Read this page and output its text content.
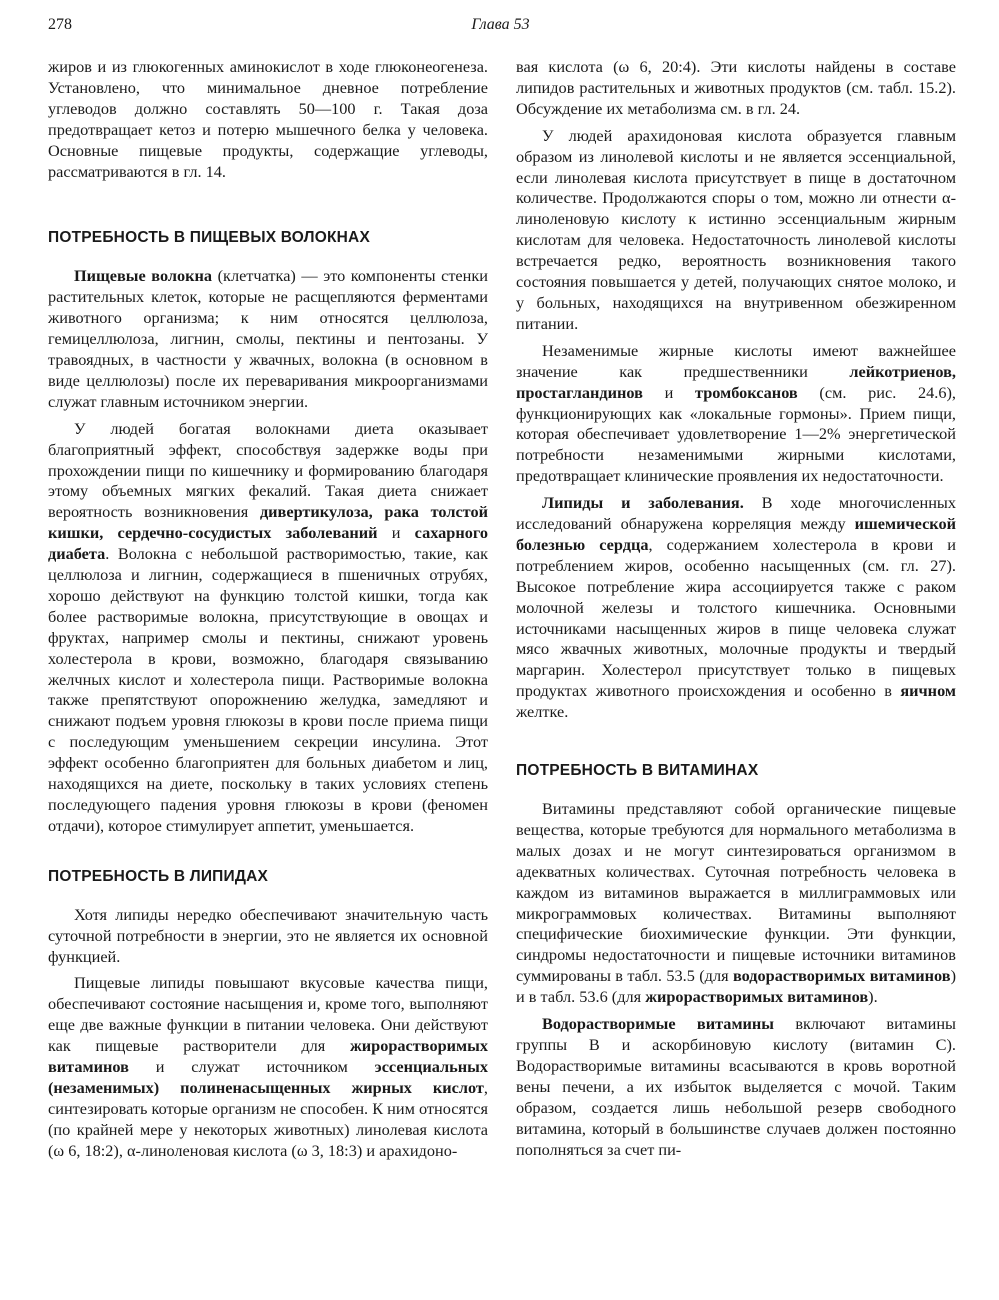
278	Глава 53

жиров и из глюкогенных аминокислот в ходе глюконеогенеза. Установлено, что минимальное дневное потребление углеводов должно составлять 50—100 г. Такая доза предотвращает кетоз и потерю мышечного белка у человека. Основные пищевые продукты, содержащие углеводы, рассматриваются в гл. 14.

ПОТРЕБНОСТЬ В ПИЩЕВЫХ ВОЛОКНАХ

Пищевые волокна (клетчатка) — это компоненты стенки растительных клеток, которые не расщепляются ферментами животного организма; к ним относятся целлюлоза, гемицеллюлоза, лигнин, смолы, пектины и пентозаны. У травоядных, в частности у жвачных, волокна (в основном в виде целлюлозы) после их переваривания микроорганизмами служат главным источником энергии.

У людей богатая волокнами диета оказывает благоприятный эффект, способствуя задержке воды при прохождении пищи по кишечнику и формированию благодаря этому объемных мягких фекалий. Такая диета снижает вероятность возникновения дивертикулоза, рака толстой кишки, сердечно-сосудистых заболеваний и сахарного диабета. Волокна с небольшой растворимостью, такие, как целлюлоза и лигнин, содержащиеся в пшеничных отрубях, хорошо действуют на функцию толстой кишки, тогда как более растворимые волокна, присутствующие в овощах и фруктах, например смолы и пектины, снижают уровень холестерола в крови, возможно, благодаря связыванию желчных кислот и холестерола пищи. Растворимые волокна также препятствуют опорожнению желудка, замедляют и снижают подъем уровня глюкозы в крови после приема пищи с последующим уменьшением секреции инсулина. Этот эффект особенно благоприятен для больных диабетом и лиц, находящихся на диете, поскольку в таких условиях степень последующего падения уровня глюкозы в крови (феномен отдачи), которое стимулирует аппетит, уменьшается.

ПОТРЕБНОСТЬ В ЛИПИДАХ

Хотя липиды нередко обеспечивают значительную часть суточной потребности в энергии, это не является их основной функцией.

Пищевые липиды повышают вкусовые качества пищи, обеспечивают состояние насыщения и, кроме того, выполняют еще две важные функции в питании человека. Они действуют как пищевые растворители для жирорастворимых витаминов и служат источником эссенциальных (незаменимых) полиненасыщенных жирных кислот, синтезировать которые организм не способен. К ним относятся (по крайней мере у некоторых животных) линолевая кислота (ω 6, 18:2), α-линоленовая кислота (ω 3, 18:3) и арахидоно-

вая кислота (ω 6, 20:4). Эти кислоты найдены в составе липидов растительных и животных продуктов (см. табл. 15.2). Обсуждение их метаболизма см. в гл. 24.

У людей арахидоновая кислота образуется главным образом из линолевой кислоты и не является эссенциальной, если линолевая кислота присутствует в пище в достаточном количестве. Продолжаются споры о том, можно ли отнести α-линоленовую кислоту к истинно эссенциальным жирным кислотам для человека. Недостаточность линолевой кислоты встречается редко, вероятность возникновения такого состояния повышается у детей, получающих снятое молоко, и у больных, находящихся на внутривенном обезжиренном питании.

Незаменимые жирные кислоты имеют важнейшее значение как предшественники лейкотриенов, простагландинов и тромбоксанов (см. рис. 24.6), функционирующих как «локальные гормоны». Прием пищи, которая обеспечивает удовлетворение 1—2% энергетической потребности незаменимыми жирными кислотами, предотвращает клинические проявления их недостаточности.

Липиды и заболевания. В ходе многочисленных исследований обнаружена корреляция между ишемической болезнью сердца, содержанием холестерола в крови и потреблением жиров, особенно насыщенных (см. гл. 27). Высокое потребление жира ассоциируется также с раком молочной железы и толстого кишечника. Основными источниками насыщенных жиров в пище человека служат мясо жвачных животных, молочные продукты и твердый маргарин. Холестерол присутствует только в пищевых продуктах животного происхождения и особенно в яичном желтке.

ПОТРЕБНОСТЬ В ВИТАМИНАХ

Витамины представляют собой органические пищевые вещества, которые требуются для нормального метаболизма в малых дозах и не могут синтезироваться организмом в адекватных количествах. Суточная потребность человека в каждом из витаминов выражается в миллиграммовых или микрограммовых количествах. Витамины выполняют специфические биохимические функции. Эти функции, синдромы недостаточности и пищевые источники витаминов суммированы в табл. 53.5 (для водорастворимых витаминов) и в табл. 53.6 (для жирорастворимых витаминов).

Водорастворимые витамины включают витамины группы В и аскорбиновую кислоту (витамин С). Водорастворимые витамины всасываются в кровь воротной вены печени, а их избыток выделяется с мочой. Таким образом, создается лишь небольшой резерв свободного витамина, который в большинстве случаев должен постоянно пополняться за счет пи-
